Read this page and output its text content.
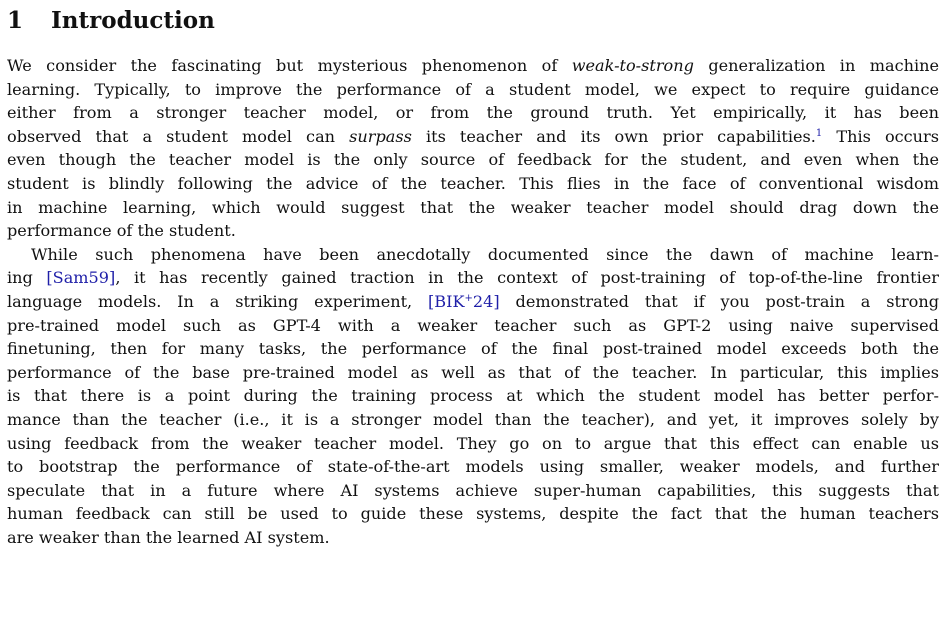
1 Introduction
We consider the fascinating but mysterious phenomenon of weak-to-strong generalization in machine
learning. Typically, to improve the performance of a student model, we expect to require guidance
either from a stronger teacher model, or from the ground truth. Yet empirically, it has been
observed that a student model can surpass its teacher and its own prior capabilities.$^1$ This occurs
even though the teacher model is the only source of feedback for the student, and even when the
student is blindly following the advice of the teacher. This flies in the face of conventional wisdom
in machine learning, which would suggest that the weaker teacher model should drag down the
performance of the student.
While such phenomena have been anecdotally documented since the dawn of machine learn-
ing [Sam59], it has recently gained traction in the context of post-training of top-of-the-line frontier
language models. In a striking experiment, [BIK+24] demonstrated that if you post-train a strong
pre-trained model such as GPT-4 with a weaker teacher such as GPT-2 using naive supervised
finetuning, then for many tasks, the performance of the final post-trained model exceeds both the
performance of the base pre-trained model as well as that of the teacher. In particular, this implies
is that there is a point during the training process at which the student model has better perfor-
mance than the teacher (i.e., it is a stronger model than the teacher), and yet, it improves solely by
using feedback from the weaker teacher model. They go on to argue that this effect can enable us
to bootstrap the performance of state-of-the-art models using smaller, weaker models, and further
speculate that in a future where AI systems achieve super-human capabilities, this suggests that
human feedback can still be used to guide these systems, despite the fact that the human teachers
are weaker than the learned AI system.
